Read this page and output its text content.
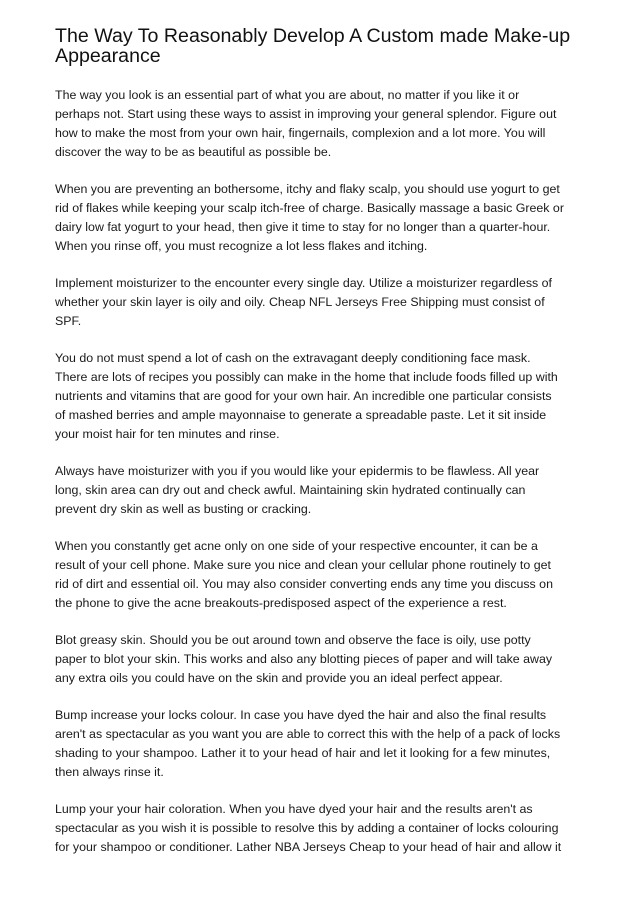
The Way To Reasonably Develop A Custom made Make-up
Appearance

The way you look is an essential part of what you are about, no matter if you like it or
perhaps not. Start using these ways to assist in improving your general splendor. Figure out
how to make the most from your own hair, fingernails, complexion and a lot more. You will
discover the way to be as beautiful as possible be.

When you are preventing an bothersome, itchy and flaky scalp, you should use yogurt to get
rid of flakes while keeping your scalp itch-free of charge. Basically massage a basic Greek or
dairy low fat yogurt to your head, then give it time to stay for no longer than a quarter-hour.
When you rinse off, you must recognize a lot less flakes and itching.

Implement moisturizer to the encounter every single day. Utilize a moisturizer regardless of
whether your skin layer is oily and oily. Cheap NFL Jerseys Free Shipping must consist of
SPF.

You do not must spend a lot of cash on the extravagant deeply conditioning face mask.
There are lots of recipes you possibly can make in the home that include foods filled up with
nutrients and vitamins that are good for your own hair. An incredible one particular consists
of mashed berries and ample mayonnaise to generate a spreadable paste. Let it sit inside
your moist hair for ten minutes and rinse.

Always have moisturizer with you if you would like your epidermis to be flawless. All year
long, skin area can dry out and check awful. Maintaining skin hydrated continually can
prevent dry skin as well as busting or cracking.

When you constantly get acne only on one side of your respective encounter, it can be a
result of your cell phone. Make sure you nice and clean your cellular phone routinely to get
rid of dirt and essential oil. You may also consider converting ends any time you discuss on
the phone to give the acne breakouts-predisposed aspect of the experience a rest.

Blot greasy skin. Should you be out around town and observe the face is oily, use potty
paper to blot your skin. This works and also any blotting pieces of paper and will take away
any extra oils you could have on the skin and provide you an ideal perfect appear.

Bump increase your locks colour. In case you have dyed the hair and also the final results
aren't as spectacular as you want you are able to correct this with the help of a pack of locks
shading to your shampoo. Lather it to your head of hair and let it looking for a few minutes,
then always rinse it.

Lump your your hair coloration. When you have dyed your hair and the results aren't as
spectacular as you wish it is possible to resolve this by adding a container of locks colouring
for your shampoo or conditioner. Lather NBA Jerseys Cheap to your head of hair and allow it
